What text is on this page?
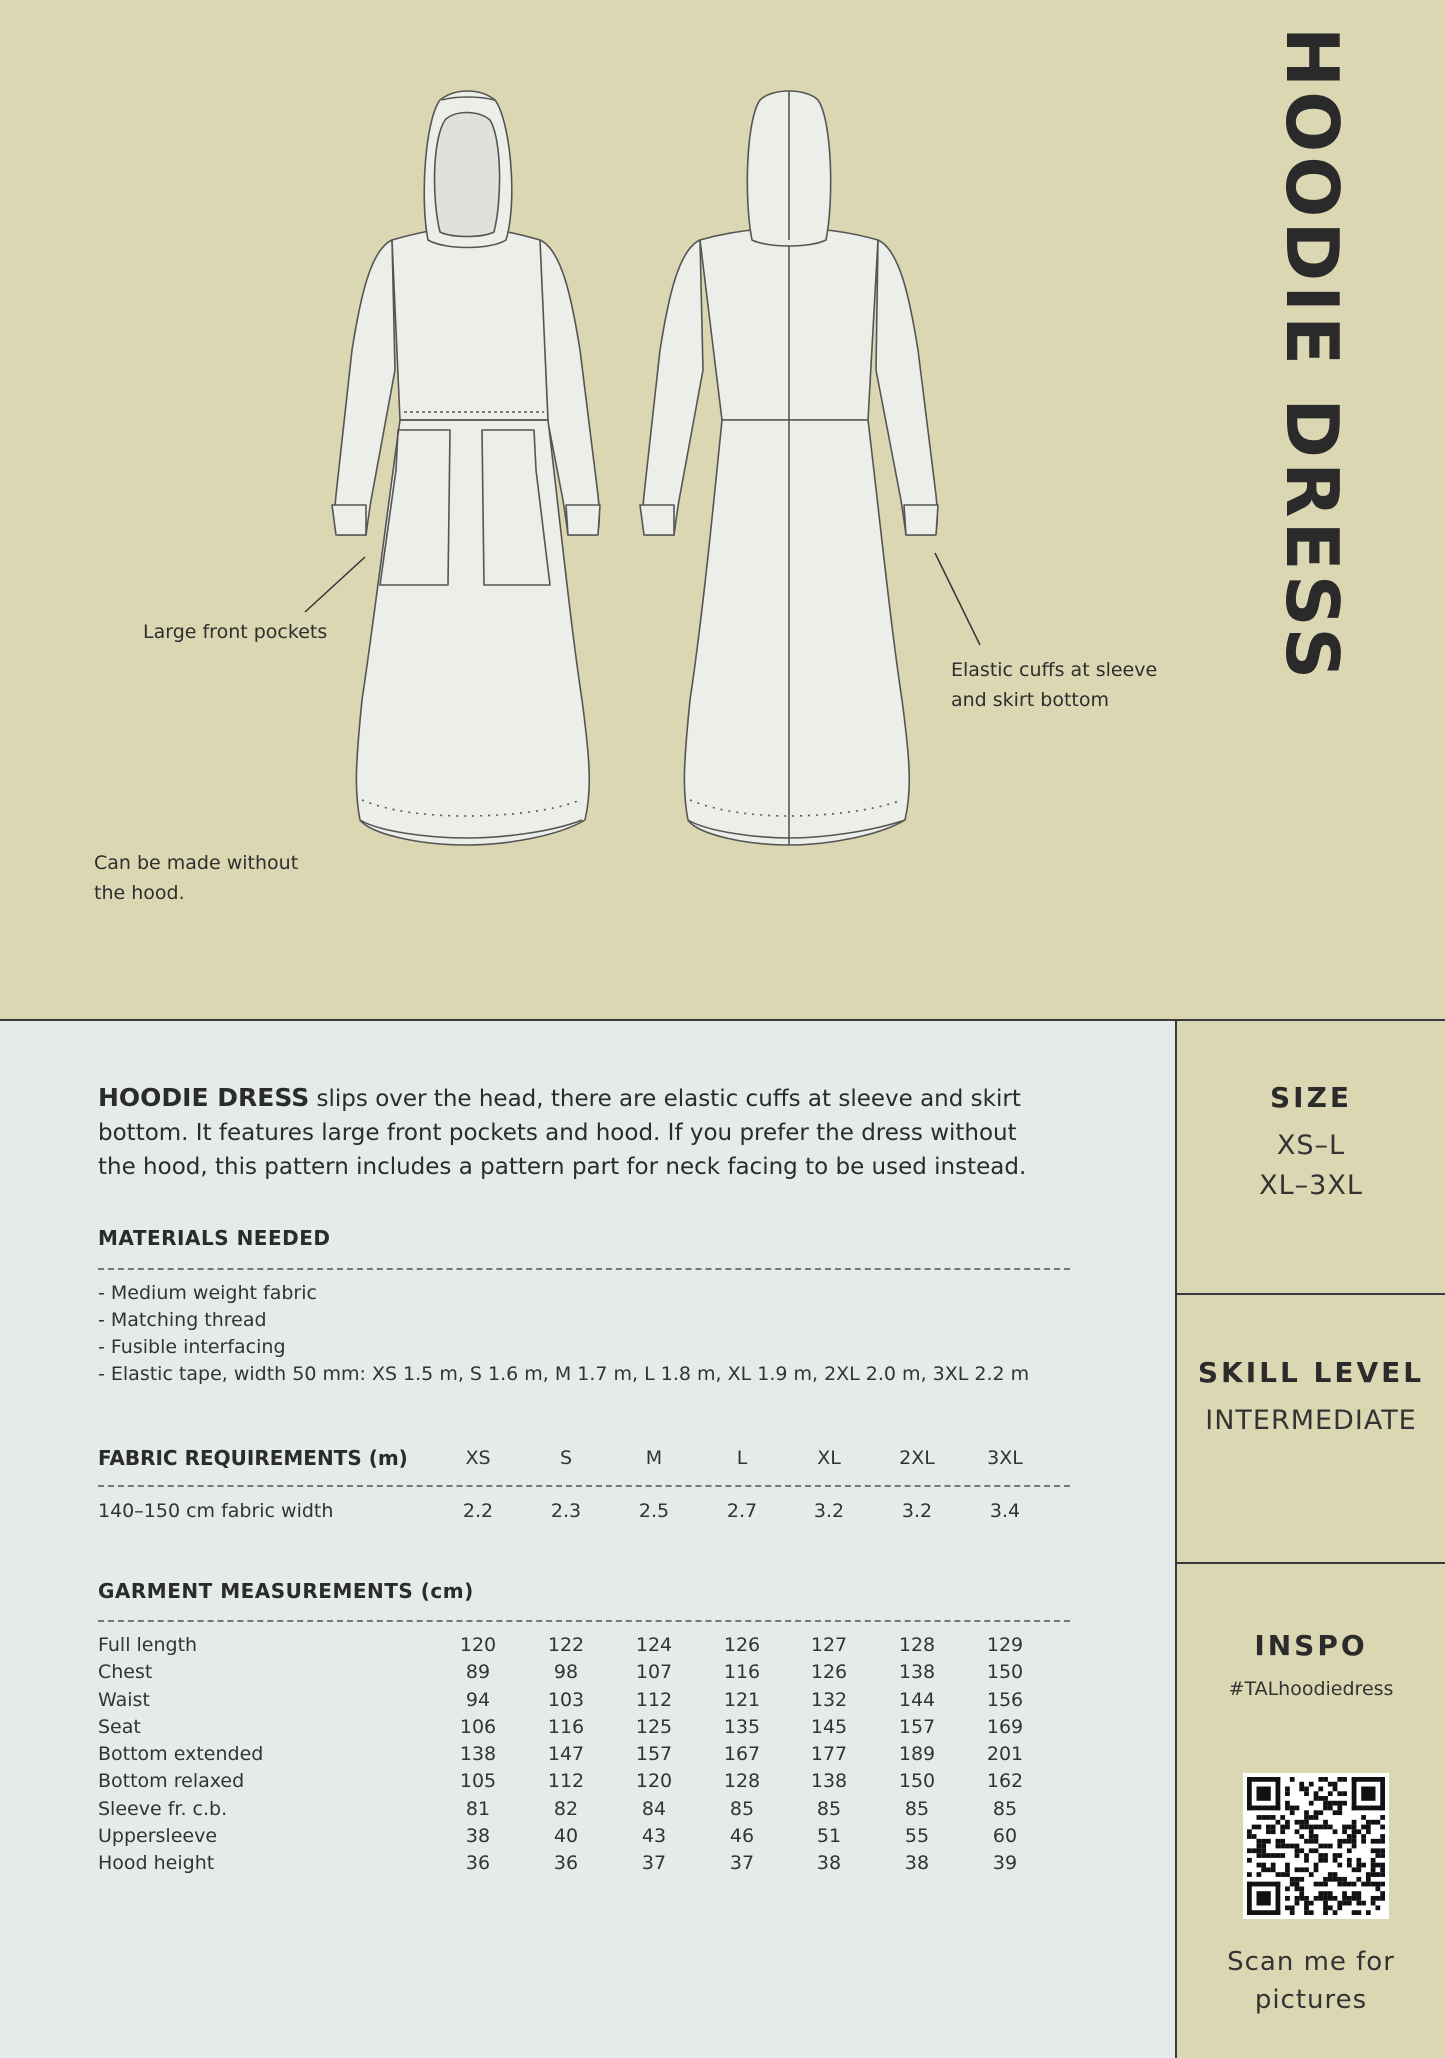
HOODIE DRESS
Large front pockets
Elastic cuffs at sleeve
and skirt bottom
Can be made without
the hood.
HOODIE DRESS slips over the head, there are elastic cuffs at sleeve and skirt
bottom. It features large front pockets and hood. If you prefer the dress without
the hood, this pattern includes a pattern part for neck facing to be used instead.
MATERIALS NEEDED
- Medium weight fabric
- Matching thread
- Fusible interfacing
- Elastic tape, width 50 mm: XS 1.5 m, S 1.6 m, M 1.7 m, L 1.8 m, XL 1.9 m, 2XL 2.0 m, 3XL 2.2 m
FABRIC REQUIREMENTS (m)	XS	S	M	L	XL	2XL	3XL
140–150 cm fabric width	2.2	2.3	2.5	2.7	3.2	3.2	3.4
GARMENT MEASUREMENTS (cm)
Full length	120	122	124	126	127	128	129
Chest	89	98	107	116	126	138	150
Waist	94	103	112	121	132	144	156
Seat	106	116	125	135	145	157	169
Bottom extended	138	147	157	167	177	189	201
Bottom relaxed	105	112	120	128	138	150	162
Sleeve fr. c.b.	81	82	84	85	85	85	85
Uppersleeve	38	40	43	46	51	55	60
Hood height	36	36	37	37	38	38	39
SIZE
XS–L
XL–3XL
SKILL LEVEL
INTERMEDIATE
INSPO
#TALhoodiedress
Scan me for
pictures
